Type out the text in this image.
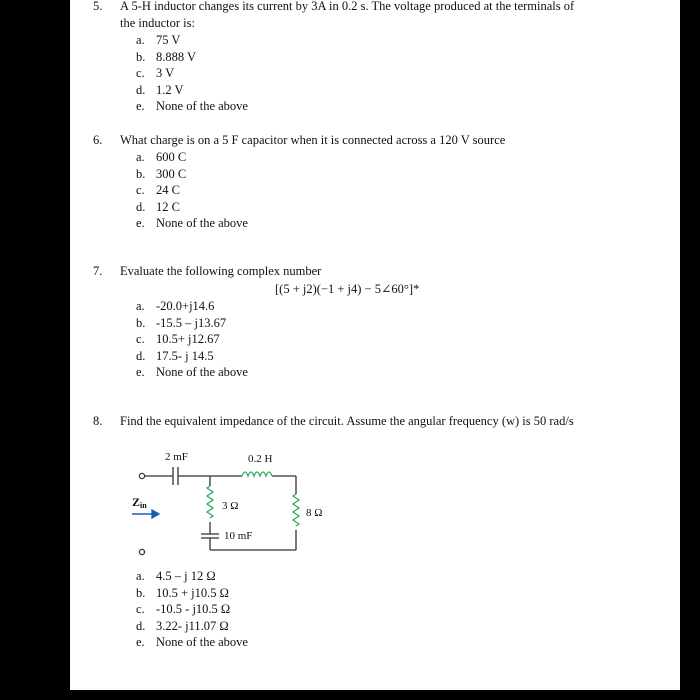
5. A 5-H inductor changes its current by 3A in 0.2 s. The voltage produced at the terminals of
the inductor is:
a. 75 V
b. 8.888 V
c. 3 V
d. 1.2 V
e. None of the above
6. What charge is on a 5 F capacitor when it is connected across a 120 V source
a. 600 C
b. 300 C
c. 24 C
d. 12 C
e. None of the above
7. Evaluate the following complex number
[(5 + j2)(−1 + j4) − 5∠60°]*
a. -20.0+j14.6
b. -15.5 – j13.67
c. 10.5+ j12.67
d. 17.5- j 14.5
e. None of the above
8. Find the equivalent impedance of the circuit. Assume the angular frequency (w) is 50 rad/s
2 mF	0.2 H
3 Ω
10 mF
8 Ω
Zin
a. 4.5 – j 12 Ω
b. 10.5 + j10.5 Ω
c. -10.5 - j10.5 Ω
d. 3.22- j11.07 Ω
e. None of the above
